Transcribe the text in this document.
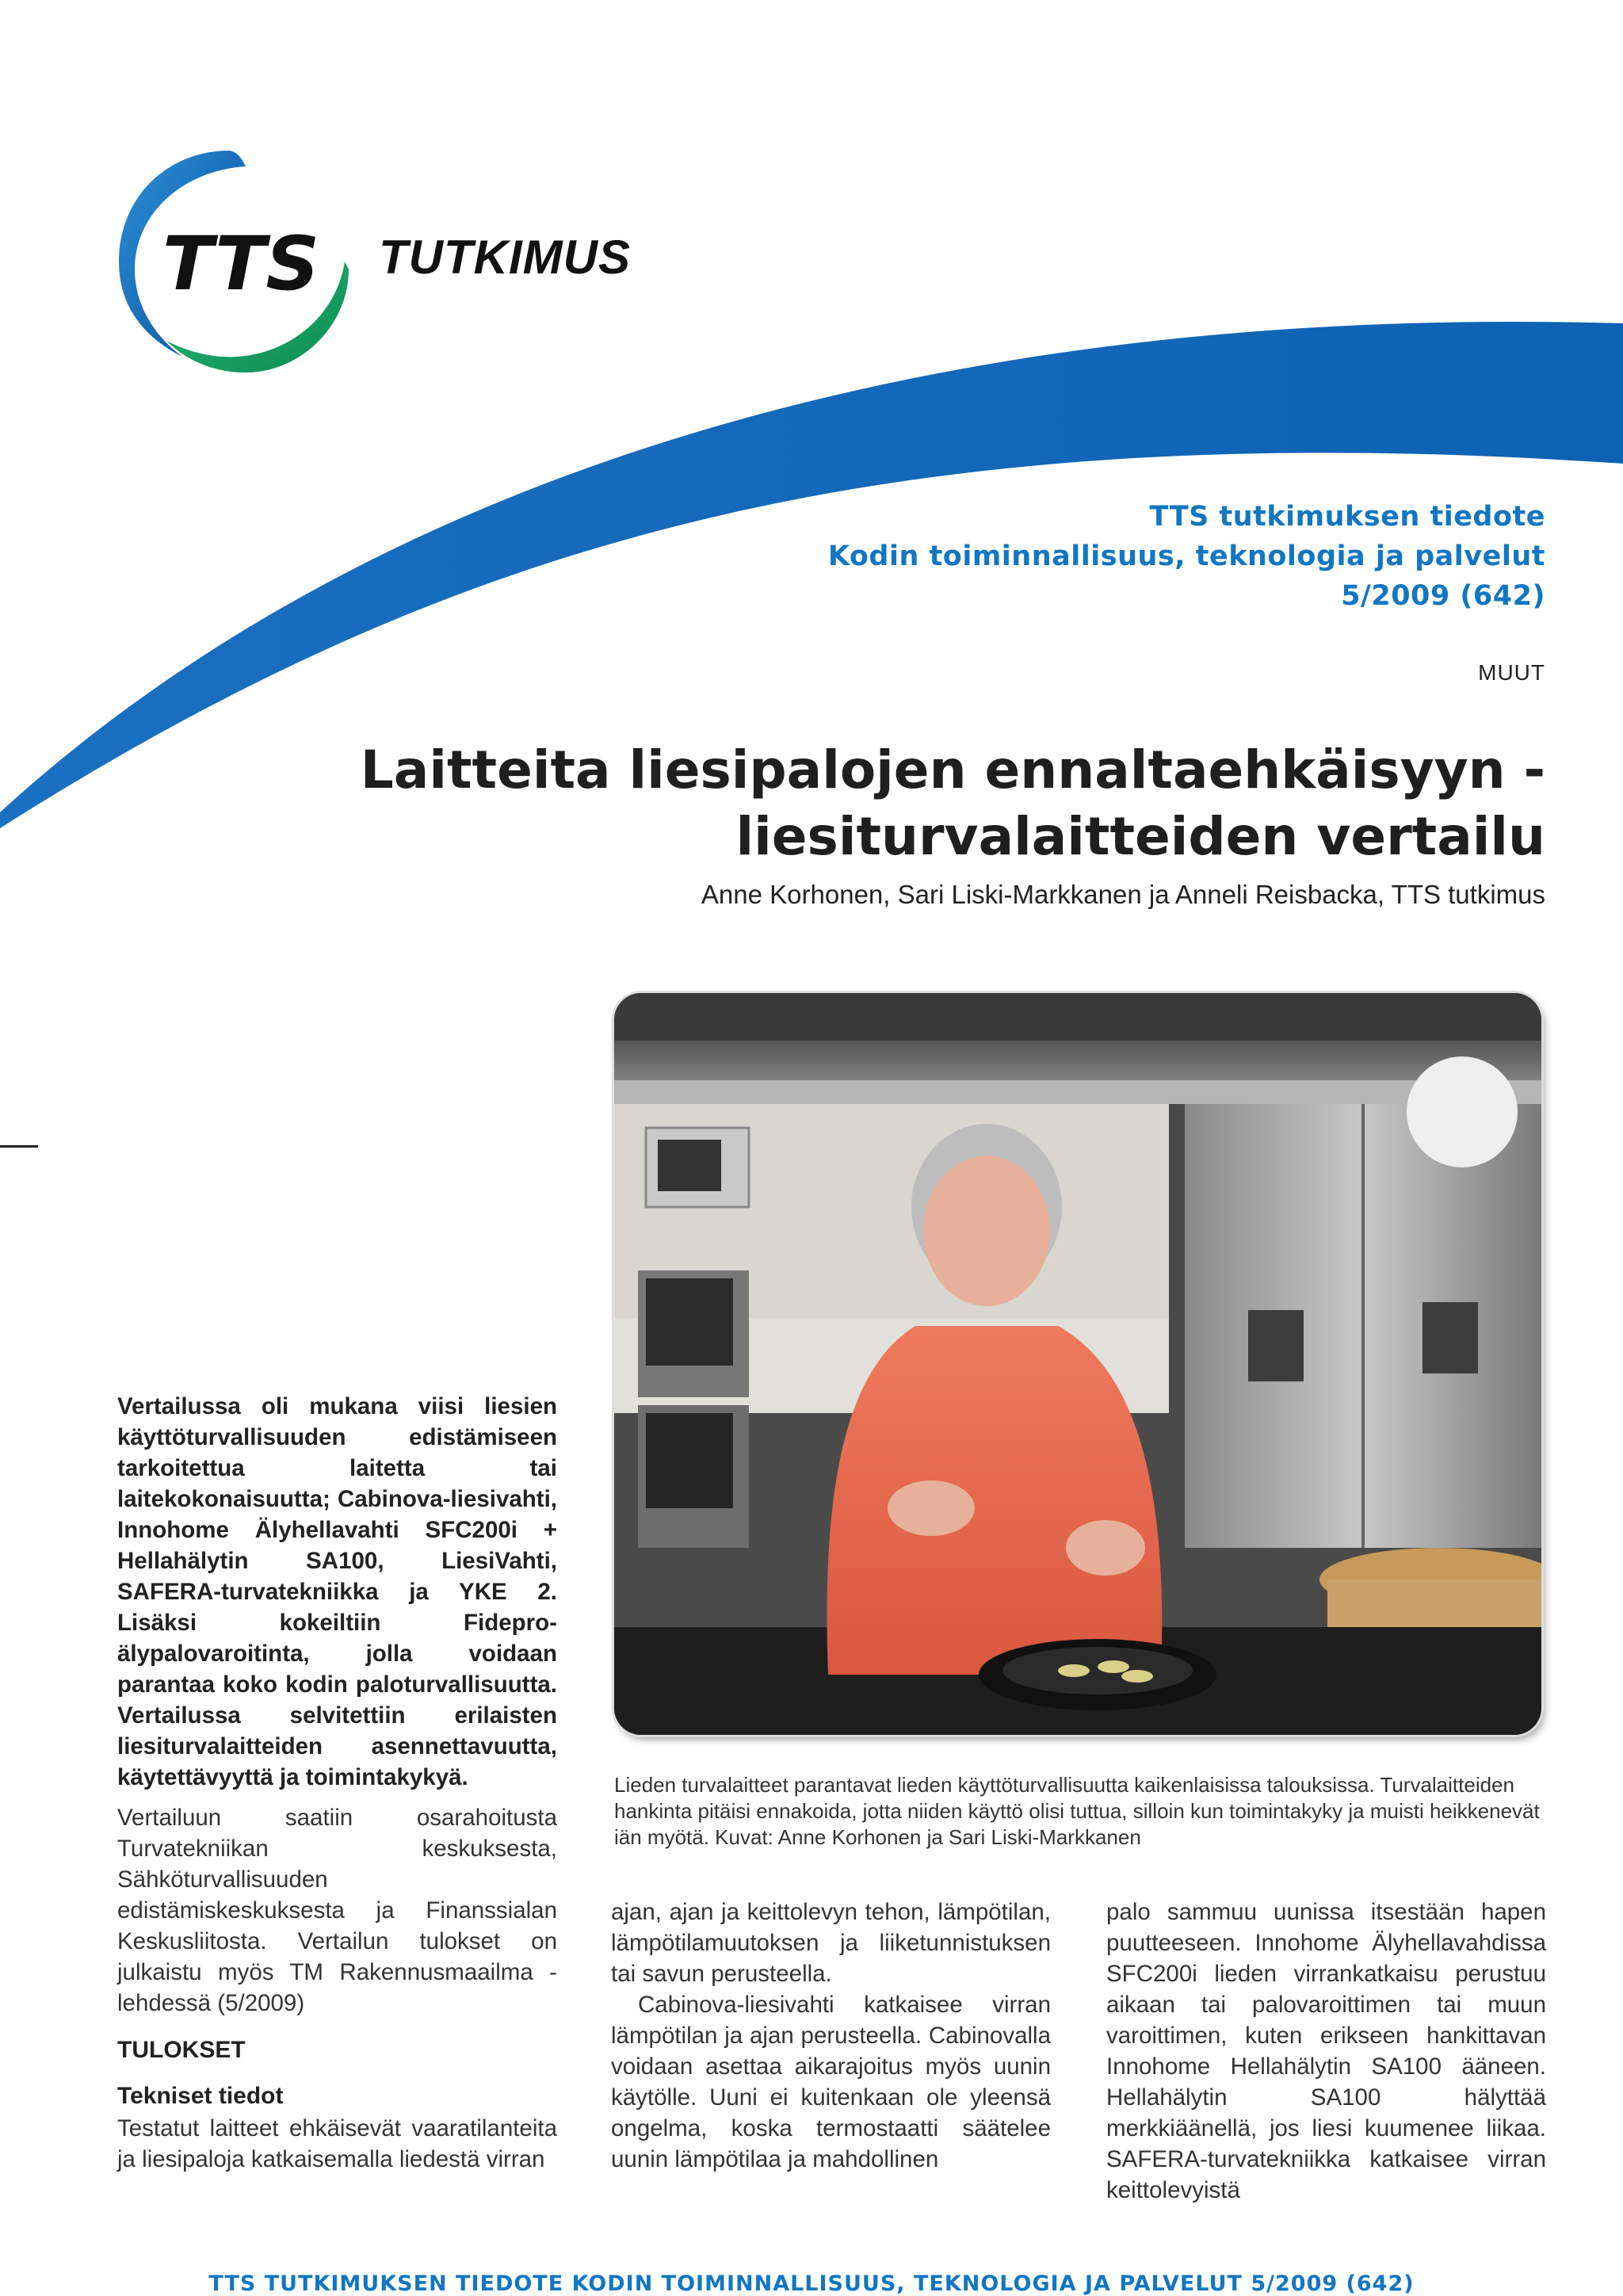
TTS TUTKIMUS
TTS tutkimuksen tiedote
Kodin toiminnallisuus, teknologia ja palvelut
5/2009 (642)
MUUT
Laitteita liesipalojen ennaltaehkäisyyn -
liesiturvalaitteiden vertailu
Anne Korhonen, Sari Liski-Markkanen ja Anneli Reisbacka, TTS tutkimus
Lieden turvalaitteet parantavat lieden käyttöturvallisuutta kaikenlaisissa talouksissa. Turvalaitteiden hankinta pitäisi ennakoida, jotta niiden käyttö olisi tuttua, silloin kun toimintakyky ja muisti heikkenevät iän myötä. Kuvat: Anne Korhonen ja Sari Liski-Markkanen
Vertailussa oli mukana viisi liesien käyttöturvallisuuden edistämiseen tarkoitettua laitetta tai laitekokonaisuutta; Cabinova-liesivahti, Innohome Älyhellavahti SFC200i + Hellahälytin SA100, LiesiVahti, SAFERA-turvatekniikka ja YKE 2. Lisäksi kokeiltiin Fidepro-älypalovaroitinta, jolla voidaan parantaa koko kodin paloturvallisuutta. Vertailussa selvitettiin erilaisten liesiturvalaitteiden asennettavuutta, käytettävyyttä ja toimintakykyä.
Vertailuun saatiin osarahoitusta Turvatekniikan keskuksesta, Sähköturvallisuuden edistämiskeskuksesta ja Finanssialan Keskusliitosta. Vertailun tulokset on julkaistu myös TM Rakennusmaailma -lehdessä (5/2009)
TULOKSET
Tekniset tiedot
Testatut laitteet ehkäisevät vaaratilanteita ja liesipaloja katkaisemalla liedestä virran

ajan, ajan ja keittolevyn tehon, lämpötilan, lämpötilamuutoksen ja liiketunnistuksen tai savun perusteella.

Cabinova-liesivahti katkaisee virran lämpötilan ja ajan perusteella. Cabinovalla voidaan asettaa aikarajoitus myös uunin käytölle. Uuni ei kuitenkaan ole yleensä ongelma, koska termostaatti säätelee uunin lämpötilaa ja mahdollinen

palo sammuu uunissa itsestään hapen puutteeseen. Innohome Älyhellavahdissa SFC200i lieden virrankatkaisu perustuu aikaan tai palovaroittimen tai muun varoittimen, kuten erikseen hankittavan Innohome Hellahälytin SA100 ääneen. Hellahälytin SA100 hälyttää merkkiäänellä, jos liesi kuumenee liikaa. SAFERA-turvatekniikka katkaisee virran keittolevyistä

TTS TUTKIMUKSEN TIEDOTE KODIN TOIMINNALLISUUS, TEKNOLOGIA JA PALVELUT 5/2009 (642)
